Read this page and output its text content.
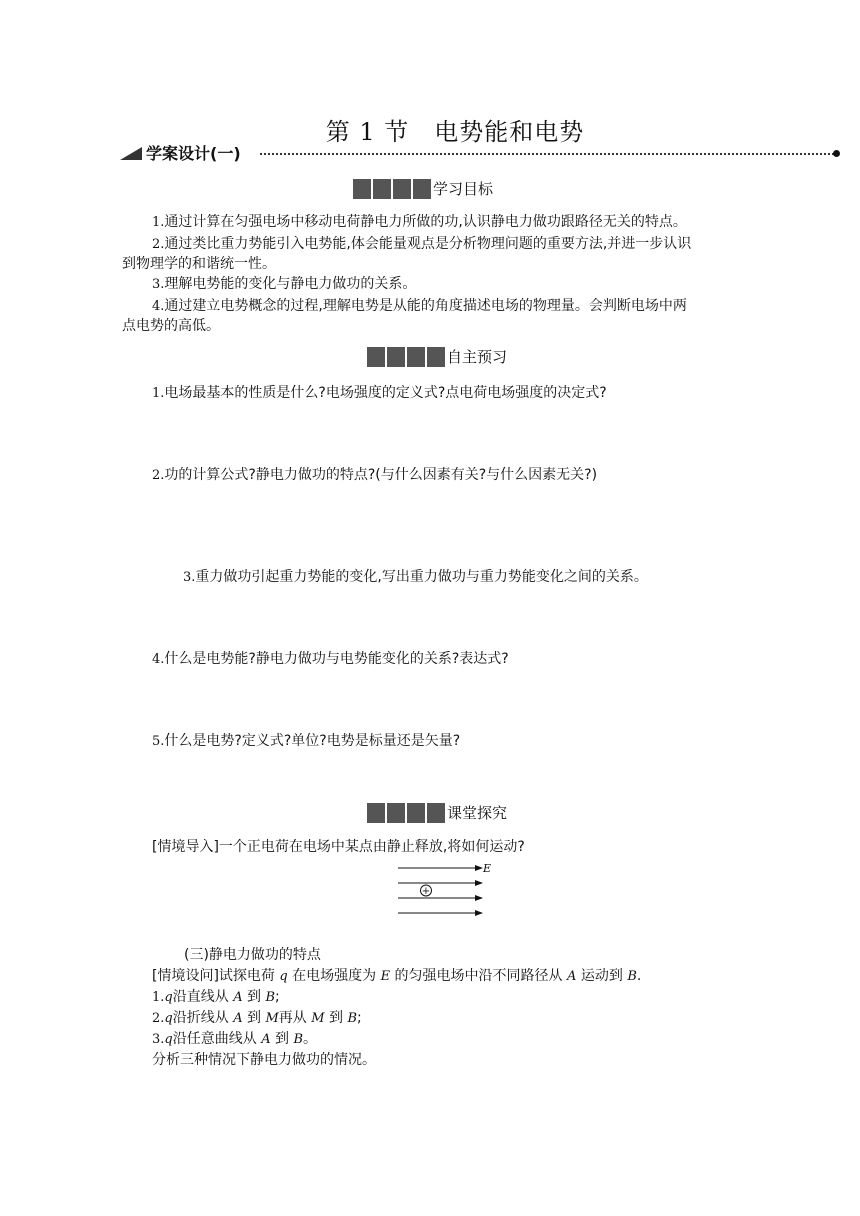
第 1 节　电势能和电势
学案设计(一)
学习目标
1.通过计算在匀强电场中移动电荷静电力所做的功,认识静电力做功跟路径无关的特点。
2.通过类比重力势能引入电势能,体会能量观点是分析物理问题的重要方法,并进一步认识
到物理学的和谐统一性。
3.理解电势能的变化与静电力做功的关系。
4.通过建立电势概念的过程,理解电势是从能的角度描述电场的物理量。会判断电场中两
点电势的高低。
自主预习
1.电场最基本的性质是什么?电场强度的定义式?点电荷电场强度的决定式?
2.功的计算公式?静电力做功的特点?(与什么因素有关?与什么因素无关?)
3.重力做功引起重力势能的变化,写出重力做功与重力势能变化之间的关系。
4.什么是电势能?静电力做功与电势能变化的关系?表达式?
5.什么是电势?定义式?单位?电势是标量还是矢量?
课堂探究
[情境导入]一个正电荷在电场中某点由静止释放,将如何运动?
+
E
(三)静电力做功的特点
[情境设问]试探电荷 q 在电场强度为 E 的匀强电场中沿不同路径从 A 运动到 B.
1.q沿直线从 A 到 B;
2.q沿折线从 A 到 M再从 M 到 B;
3.q沿任意曲线从 A 到 B。
分析三种情况下静电力做功的情况。
